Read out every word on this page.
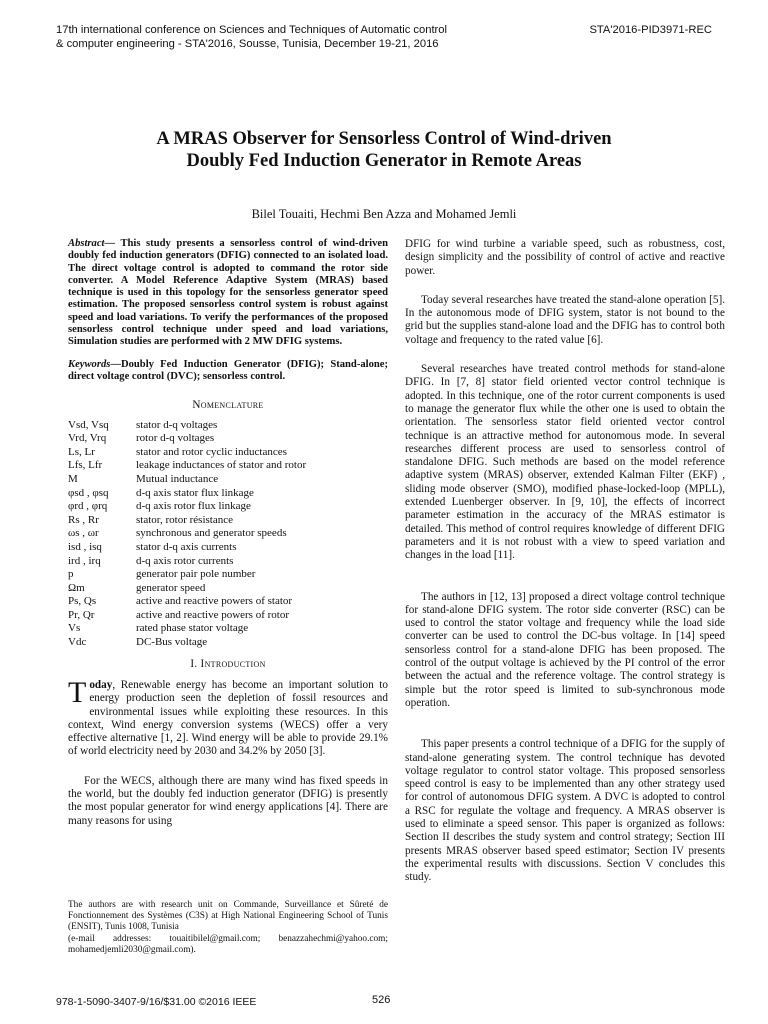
17th international conference on Sciences and Techniques of Automatic control
& computer engineering - STA'2016, Sousse, Tunisia, December 19-21, 2016
STA'2016-PID3971-REC
A MRAS Observer for Sensorless Control of Wind-driven
Doubly Fed Induction Generator in Remote Areas
Bilel Touaiti, Hechmi Ben Azza and Mohamed Jemli

Abstract— This study presents a sensorless control of wind-driven doubly fed induction generators (DFIG) connected to an isolated load. The direct voltage control is adopted to command the rotor side converter. A Model Reference Adaptive System (MRAS) based technique is used in this topology for the sensorless generator speed estimation. The proposed sensorless control system is robust against speed and load variations. To verify the performances of the proposed sensorless control technique under speed and load variations, Simulation studies are performed with 2 MW DFIG systems.

Keywords—Doubly Fed Induction Generator (DFIG); Stand-alone; direct voltage control (DVC); sensorless control.

Nomenclature
Vsd, Vsq	stator d-q voltages
Vrd, Vrq	rotor d-q voltages
Ls, Lr	stator and rotor cyclic inductances
Lfs, Lfr	leakage inductances of stator and rotor
M	Mutual inductance
φsd , φsq	d-q axis stator flux linkage
φrd , φrq	d-q axis rotor flux linkage
Rs , Rr	stator, rotor résistance
ωs , ωr	synchronous and generator speeds
isd , isq	stator d-q axis currents
ird , irq	d-q axis rotor currents
p	generator pair pole number
Ωm	generator speed
Ps, Qs	active and reactive powers of stator
Pr, Qr	active and reactive powers of rotor
Vs	rated phase stator voltage
Vdc	DC-Bus voltage
I. Introduction

Today, Renewable energy has become an important solution to energy production seen the depletion of fossil resources and environmental issues while exploiting these resources. In this context, Wind energy conversion systems (WECS) offer a very effective alternative [1, 2]. Wind energy will be able to provide 29.1% of world electricity need by 2030 and 34.2% by 2050 [3].

For the WECS, although there are many wind has fixed speeds in the world, but the doubly fed induction generator (DFIG) is presently the most popular generator for wind energy applications [4]. There are many reasons for using

The authors are with research unit on Commande, Surveillance et Sûreté de Fonctionnement des Systèmes (C3S) at High National Engineering School of Tunis (ENSIT), Tunis 1008, Tunisia

(e-mail addresses: touaitibilel@gmail.com; benazzahechmi@yahoo.com; mohamedjemli2030@gmail.com).

DFIG for wind turbine a variable speed, such as robustness, cost, design simplicity and the possibility of control of active and reactive power.

Today several researches have treated the stand-alone operation [5]. In the autonomous mode of DFIG system, stator is not bound to the grid but the supplies stand-alone load and the DFIG has to control both voltage and frequency to the rated value [6].

Several researches have treated control methods for stand-alone DFIG. In [7, 8] stator field oriented vector control technique is adopted. In this technique, one of the rotor current components is used to manage the generator flux while the other one is used to obtain the orientation. The sensorless stator field oriented vector control technique is an attractive method for autonomous mode. In several researches different process are used to sensorless control of standalone DFIG. Such methods are based on the model reference adaptive system (MRAS) observer, extended Kalman Filter (EKF) , sliding mode observer (SMO), modified phase-locked-loop (MPLL), extended Luenberger observer. In [9, 10], the effects of incorrect parameter estimation in the accuracy of the MRAS estimator is detailed. This method of control requires knowledge of different DFIG parameters and it is not robust with a view to speed variation and changes in the load [11].

The authors in [12, 13] proposed a direct voltage control technique for stand-alone DFIG system. The rotor side converter (RSC) can be used to control the stator voltage and frequency while the load side converter can be used to control the DC-bus voltage. In [14] speed sensorless control for a stand-alone DFIG has been proposed. The control of the output voltage is achieved by the PI control of the error between the actual and the reference voltage. The control strategy is simple but the rotor speed is limited to sub-synchronous mode operation.

This paper presents a control technique of a DFIG for the supply of stand-alone generating system. The control technique has devoted voltage regulator to control stator voltage. This proposed sensorless speed control is easy to be implemented than any other strategy used for control of autonomous DFIG system. A DVC is adopted to control a RSC for regulate the voltage and frequency. A MRAS observer is used to eliminate a speed sensor. This paper is organized as follows: Section II describes the study system and control strategy; Section III presents MRAS observer based speed estimator; Section IV presents the experimental results with discussions. Section V concludes this study.

978-1-5090-3407-9/16/$31.00 ©2016 IEEE	526
